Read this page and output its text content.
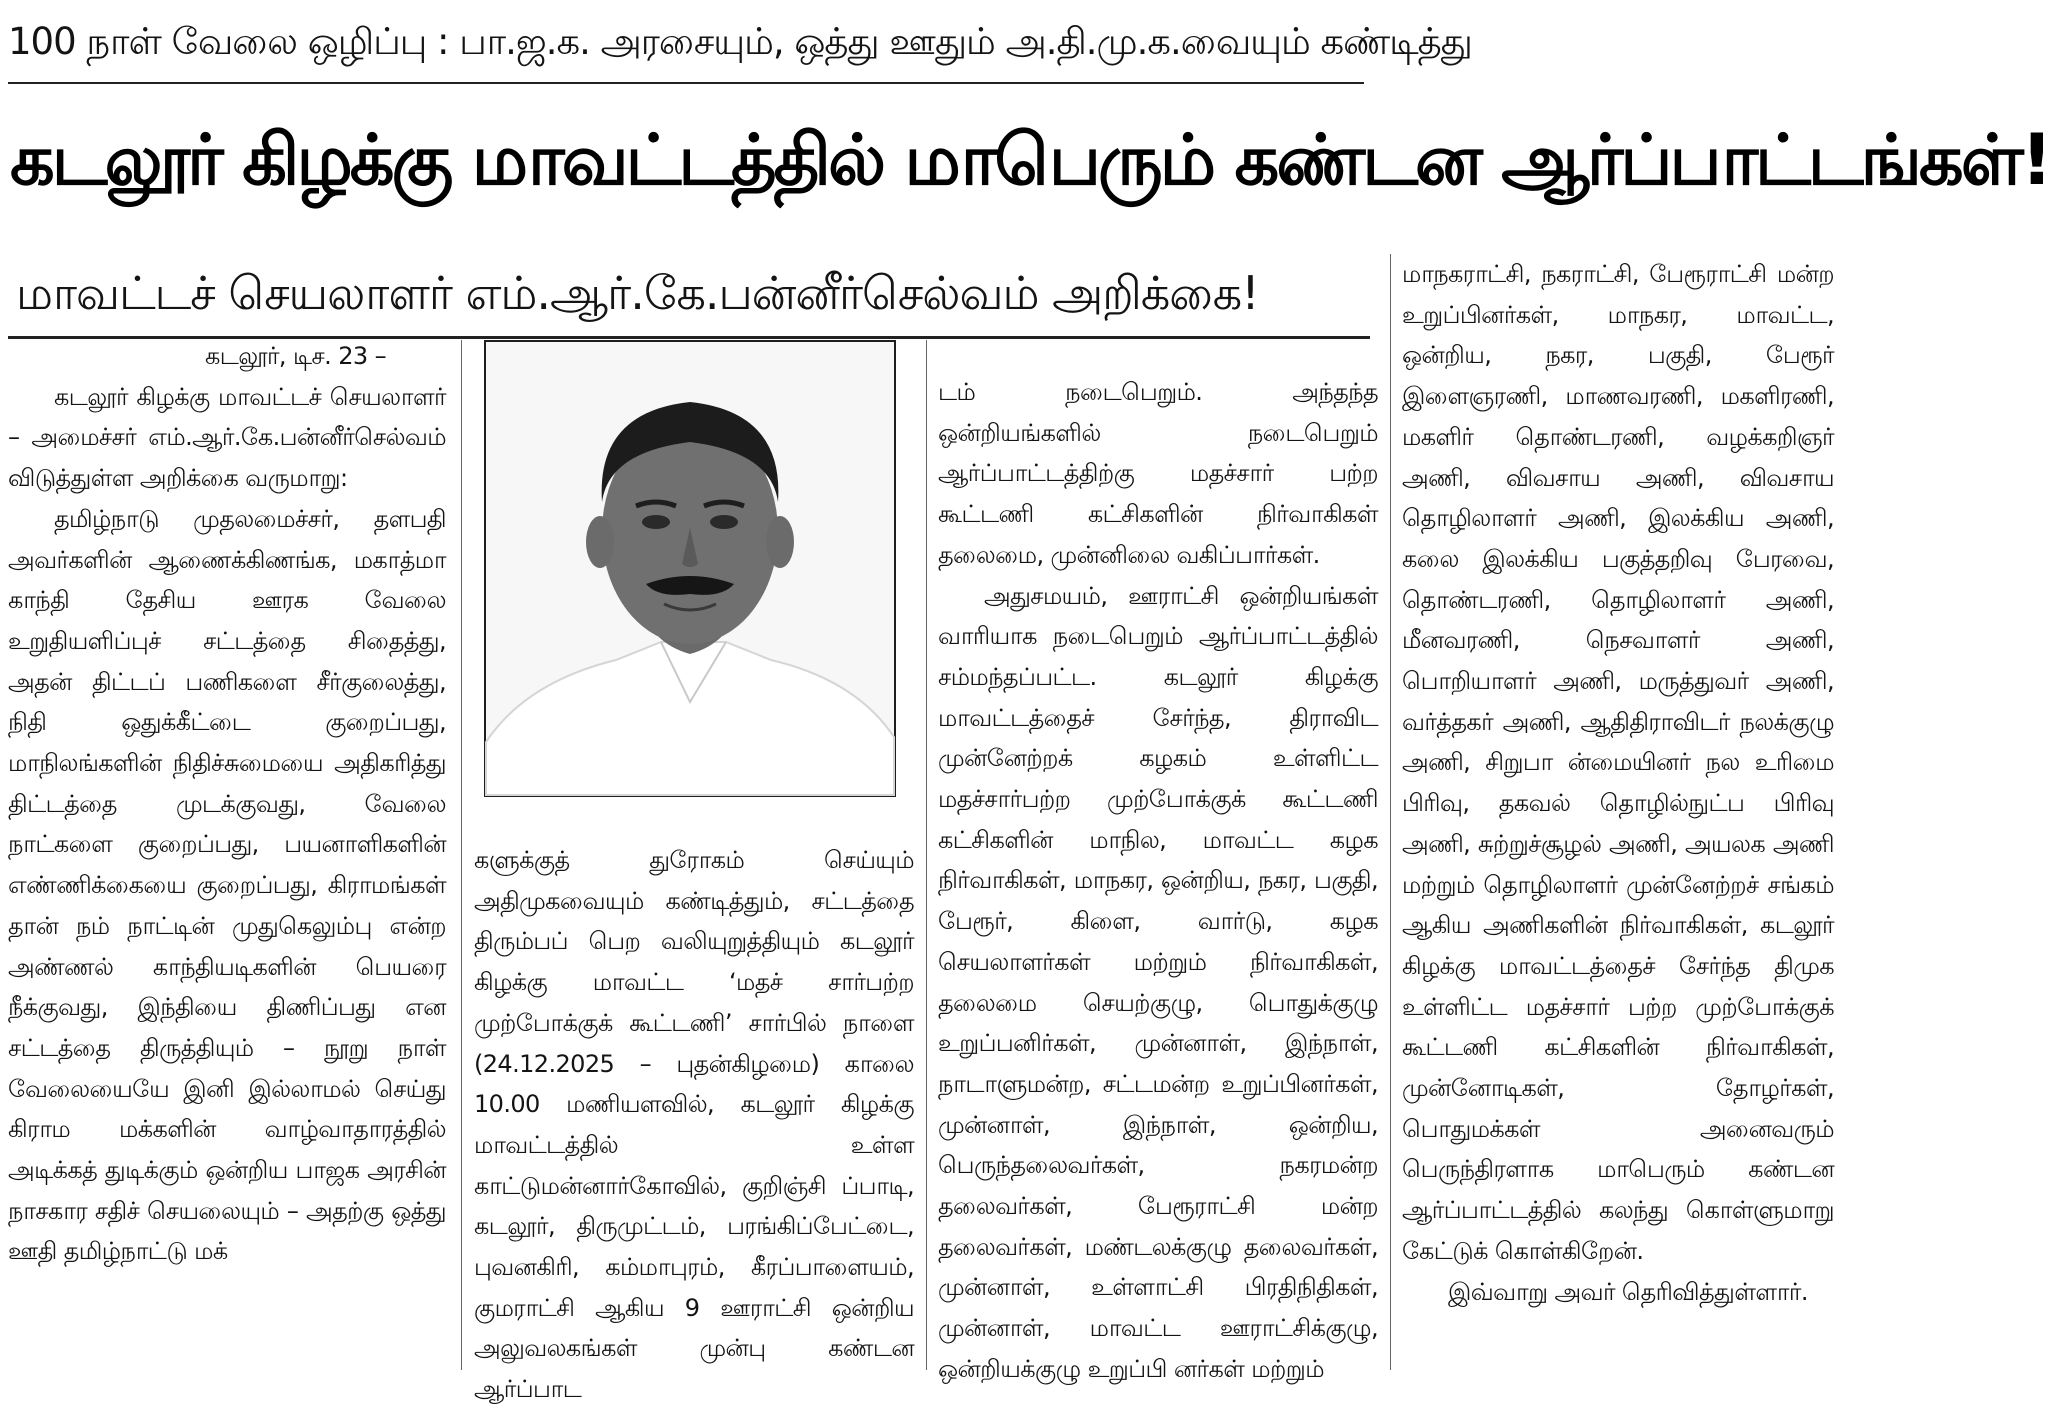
100 நாள் வேலை ஒழிப்பு : பா.ஜ.க. அரசையும், ஒத்து ஊதும் அ.தி.மு.க.வையும் கண்டித்து
கடலூர் கிழக்கு மாவட்டத்தில் மாபெரும் கண்டன ஆர்ப்பாட்டங்கள்!
மாவட்டச் செயலாளர் எம்.ஆர்.கே.பன்னீர்செல்வம் அறிக்கை!

கடலூர், டிச. 23 –

கடலூர் கிழக்கு மாவட்டச் செயலாளர் – அமைச்சர் எம்.ஆர்.கே.பன்னீர்செல்வம் விடுத்துள்ள அறிக்கை வருமாறு:

தமிழ்நாடு முதலமைச்சர், தளபதி அவர்களின் ஆணைக்கிணங்க, மகாத்மா காந்தி தேசிய ஊரக வேலை உறுதியளிப்புச் சட்டத்தை சிதைத்து, அதன் திட்டப் பணிகளை சீர்குலைத்து, நிதி ஒதுக்கீட்டை குறைப்பது, மாநிலங்களின் நிதிச்சுமையை அதிகரித்து திட்டத்தை முடக்குவது, வேலை நாட்களை குறைப்பது, பயனாளிகளின் எண்ணிக்கையை குறைப்பது, கிராமங்கள் தான் நம் நாட்டின் முதுகெலும்பு என்ற அண்ணல் காந்தியடிகளின் பெயரை நீக்குவது, இந்தியை திணிப்பது என சட்டத்தை திருத்தியும் – நூறு நாள் வேலையையே இனி இல்லாமல் செய்து கிராம மக்களின் வாழ்வாதாரத்தில் அடிக்கத் துடிக்கும் ஒன்றிய பாஜக அரசின் நாசகார சதிச் செயலையும் – அதற்கு ஒத்து ஊதி தமிழ்நாட்டு மக்

களுக்குத் துரோகம் செய்யும் அதிமுகவையும் கண்டித்தும், சட்டத்தை திரும்பப் பெற வலியுறுத்தியும் கடலூர் கிழக்கு மாவட்ட ‘மதச் சார்பற்ற முற்போக்குக் கூட்டணி’ சார்பில் நாளை (24.12.2025 – புதன்கிழமை) காலை 10.00 மணியளவில், கடலூர் கிழக்கு மாவட்டத்தில் உள்ள காட்டுமன்னார்கோவில், குறிஞ்சி ப்பாடி, கடலூர், திருமுட்டம், பரங்கிப்பேட்டை, புவனகிரி, கம்மாபுரம், கீரப்பாளையம், குமராட்சி ஆகிய 9 ஊராட்சி ஒன்றிய அலுவலகங்கள் முன்பு கண்டன ஆர்ப்பாட

டம் நடைபெறும். அந்தந்த ஒன்றியங்களில் நடைபெறும் ஆர்ப்பாட்டத்திற்கு மதச்சார் பற்ற கூட்டணி கட்சிகளின் நிர்வாகிகள் தலைமை, முன்னிலை வகிப்பார்கள்.

அதுசமயம், ஊராட்சி ஒன்றியங்கள் வாரியாக நடைபெறும் ஆர்ப்பாட்டத்தில் சம்மந்தப்பட்ட. கடலூர் கிழக்கு மாவட்டத்தைச் சேர்ந்த, திராவிட முன்னேற்றக் கழகம் உள்ளிட்ட மதச்சார்பற்ற முற்போக்குக் கூட்டணி கட்சிகளின் மாநில, மாவட்ட கழக நிர்வாகிகள், மாநகர, ஒன்றிய, நகர, பகுதி, பேரூர், கிளை, வார்டு, கழக செயலாளர்கள் மற்றும் நிர்வாகிகள், தலைமை செயற்குழு, பொதுக்குழு உறுப்பனிர்கள், முன்னாள், இந்நாள், நாடாளுமன்ற, சட்டமன்ற உறுப்பினர்கள், முன்னாள், இந்நாள், ஒன்றிய, பெருந்தலைவர்கள், நகரமன்ற தலைவர்கள், பேரூராட்சி மன்ற தலைவர்கள், மண்டலக்குழு தலைவர்கள், முன்னாள், உள்ளாட்சி பிரதிநிதிகள், முன்னாள், மாவட்ட ஊராட்சிக்குழு, ஒன்றியக்குழு உறுப்பி னர்கள் மற்றும்

மாநகராட்சி, நகராட்சி, பேரூராட்சி மன்ற உறுப்பினர்கள், மாநகர, மாவட்ட, ஒன்றிய, நகர, பகுதி, பேரூர் இளைஞரணி, மாணவரணி, மகளிரணி, மகளிர் தொண்டரணி, வழக்கறிஞர் அணி, விவசாய அணி, விவசாய தொழிலாளர் அணி, இலக்கிய அணி, கலை இலக்கிய பகுத்தறிவு பேரவை, தொண்டரணி, தொழிலாளர் அணி, மீனவரணி, நெசவாளர் அணி, பொறியாளர் அணி, மருத்துவர் அணி, வர்த்தகர் அணி, ஆதிதிராவிடர் நலக்குழு அணி, சிறுபா ன்மையினர் நல உரிமை பிரிவு, தகவல் தொழில்நுட்ப பிரிவு அணி, சுற்றுச்சூழல் அணி, அயலக அணி மற்றும் தொழிலாளர் முன்னேற்றச் சங்கம் ஆகிய அணிகளின் நிர்வாகிகள், கடலூர் கிழக்கு மாவட்டத்தைச் சேர்ந்த திமுக உள்ளிட்ட மதச்சார் பற்ற முற்போக்குக் கூட்டணி கட்சிகளின் நிர்வாகிகள், முன்னோடிகள், தோழர்கள், பொதுமக்கள் அனைவரும் பெருந்திரளாக மாபெரும் கண்டன ஆர்ப்பாட்டத்தில் கலந்து கொள்ளுமாறு கேட்டுக் கொள்கிறேன்.

இவ்வாறு அவர் தெரிவித்துள்ளார்.
